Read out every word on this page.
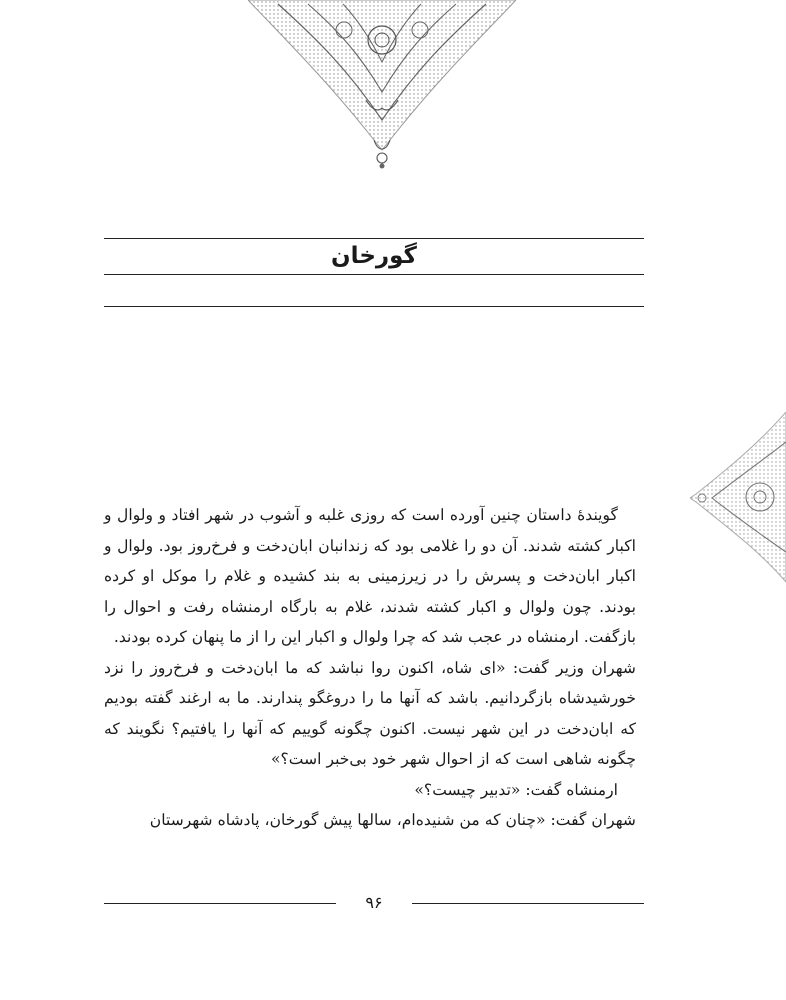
گورخان

گویندهٔ داستان چنین آورده است که روزی غلبه و آشوب در شهر افتاد و ولوال و اکبار کشته شدند. آن دو را غلامی بود که زندانبان ابان‌دخت و فرخ‌روز بود. ولوال و اکبار ابان‌دخت و پسرش را در زیرزمینی به بند کشیده و غلام را موکل او کرده بودند. چون ولوال و اکبار کشته شدند، غلام به بارگاه ارمنشاه رفت و احوال را بازگفت. ارمنشاه در عجب شد که چرا ولوال و اکبار این را از ما پنهان کرده بودند.

شهران وزیر گفت: «ای شاه، اکنون روا نباشد که ما ابان‌دخت و فرخ‌روز را نزد خورشیدشاه بازگردانیم. باشد که آنها ما را دروغگو پندارند. ما به ارغند گفته بودیم که ابان‌دخت در این شهر نیست. اکنون چگونه گوییم که آنها را یافتیم؟ نگویند که چگونه شاهی است که از احوال شهر خود بی‌خبر است؟»

ارمنشاه گفت: «تدبیر چیست؟»

شهران گفت: «چنان که من شنیده‌ام، سالها پیش گورخان، پادشاه شهرستان

۹۶
